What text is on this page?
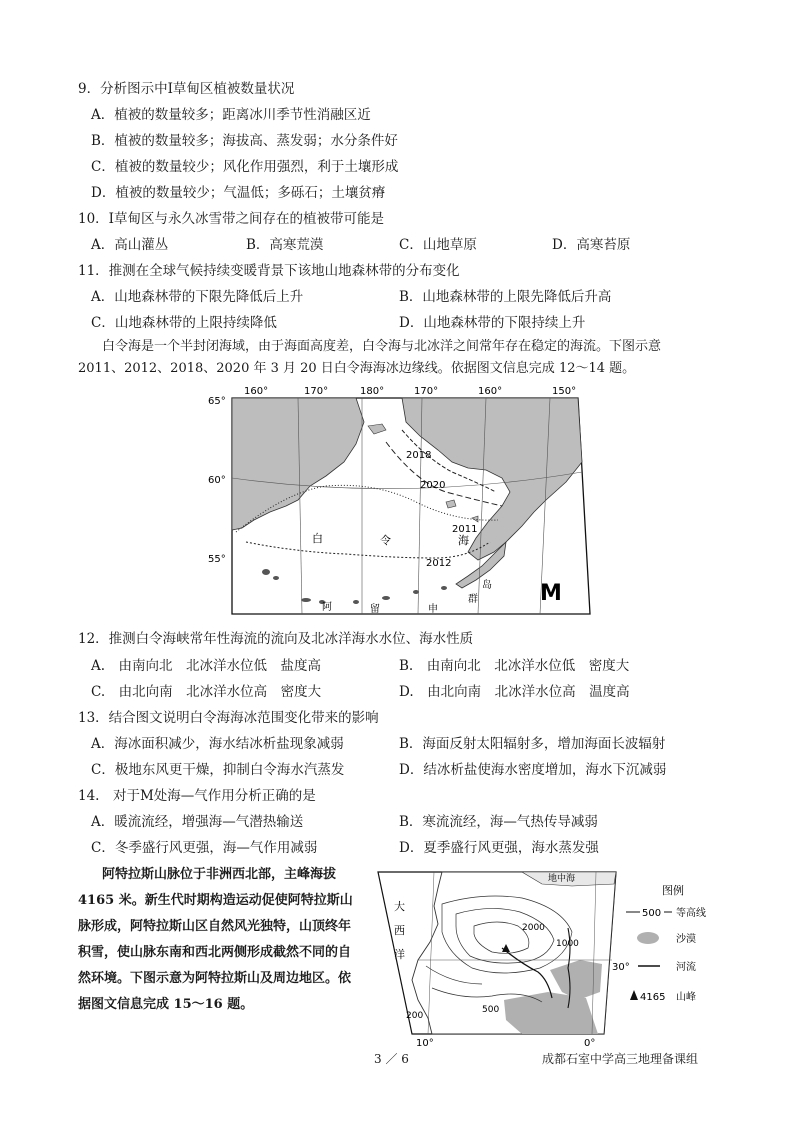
9．分析图示中Ⅰ草甸区植被数量状况
A．植被的数量较多；距离冰川季节性消融区近
B．植被的数量较多；海拔高、蒸发弱；水分条件好
C．植被的数量较少；风化作用强烈，利于土壤形成
D．植被的数量较少；气温低；多砾石；土壤贫瘠
10．Ⅰ草甸区与永久冰雪带之间存在的植被带可能是
A．高山灌丛	B．高寒荒漠	C．山地草原	D．高寒苔原
11．推测在全球气候持续变暖背景下该地山地森林带的分布变化
A．山地森林带的下限先降低后上升	B．山地森林带的上限先降低后升高
C．山地森林带的上限持续降低	D．山地森林带的下限持续上升
白令海是一个半封闭海域，由于海面高度差，白令海与北冰洋之间常年存在稳定的海流。下图示意
2011、2012、2018、2020 年 3 月 20 日白令海海冰边缘线。依据图文信息完成 12～14 题。
160°	170°	180°	170°	160°	150°
65°
60°
55°
2018
2020
2011
2012
白	令	海
阿	留	申
群
岛 M
12．推测白令海峡常年性海流的流向及北冰洋海水水位、海水性质
A.　由南向北　北冰洋水位低　盐度高	B.　由南向北　北冰洋水位低　密度大
C.　由北向南　北冰洋水位高　密度大	D.　由北向南　北冰洋水位高　温度高
13．结合图文说明白令海海冰范围变化带来的影响
A．海冰面积减少，海水结冰析盐现象减弱	B．海面反射太阳辐射多，增加海面长波辐射
C．极地东风更干燥，抑制白令海水汽蒸发	D．结冰析盐使海水密度增加，海水下沉减弱
14.　对于M处海—气作用分析正确的是
A．暖流流经，增强海—气潜热输送	B．寒流流经，海—气热传导减弱
C．冬季盛行风更强，海—气作用减弱	D．夏季盛行风更强，海水蒸发强
阿特拉斯山脉位于非洲西北部，主峰海拔
4165 米。新生代时期构造运动促使阿特拉斯山
脉形成，阿特拉斯山区自然风光独特，山顶终年
积雪，使山脉东南和西北两侧形成截然不同的自
然环境。下图示意为阿特拉斯山及周边地区。依
据图文信息完成 15～16 题。
地中海
大
西
洋
2000
1000
200
500
30°
10°	0°
图例
500 等高线
沙漠
河流
4165 山峰
3 ／ 6	成都石室中学高三地理备课组
